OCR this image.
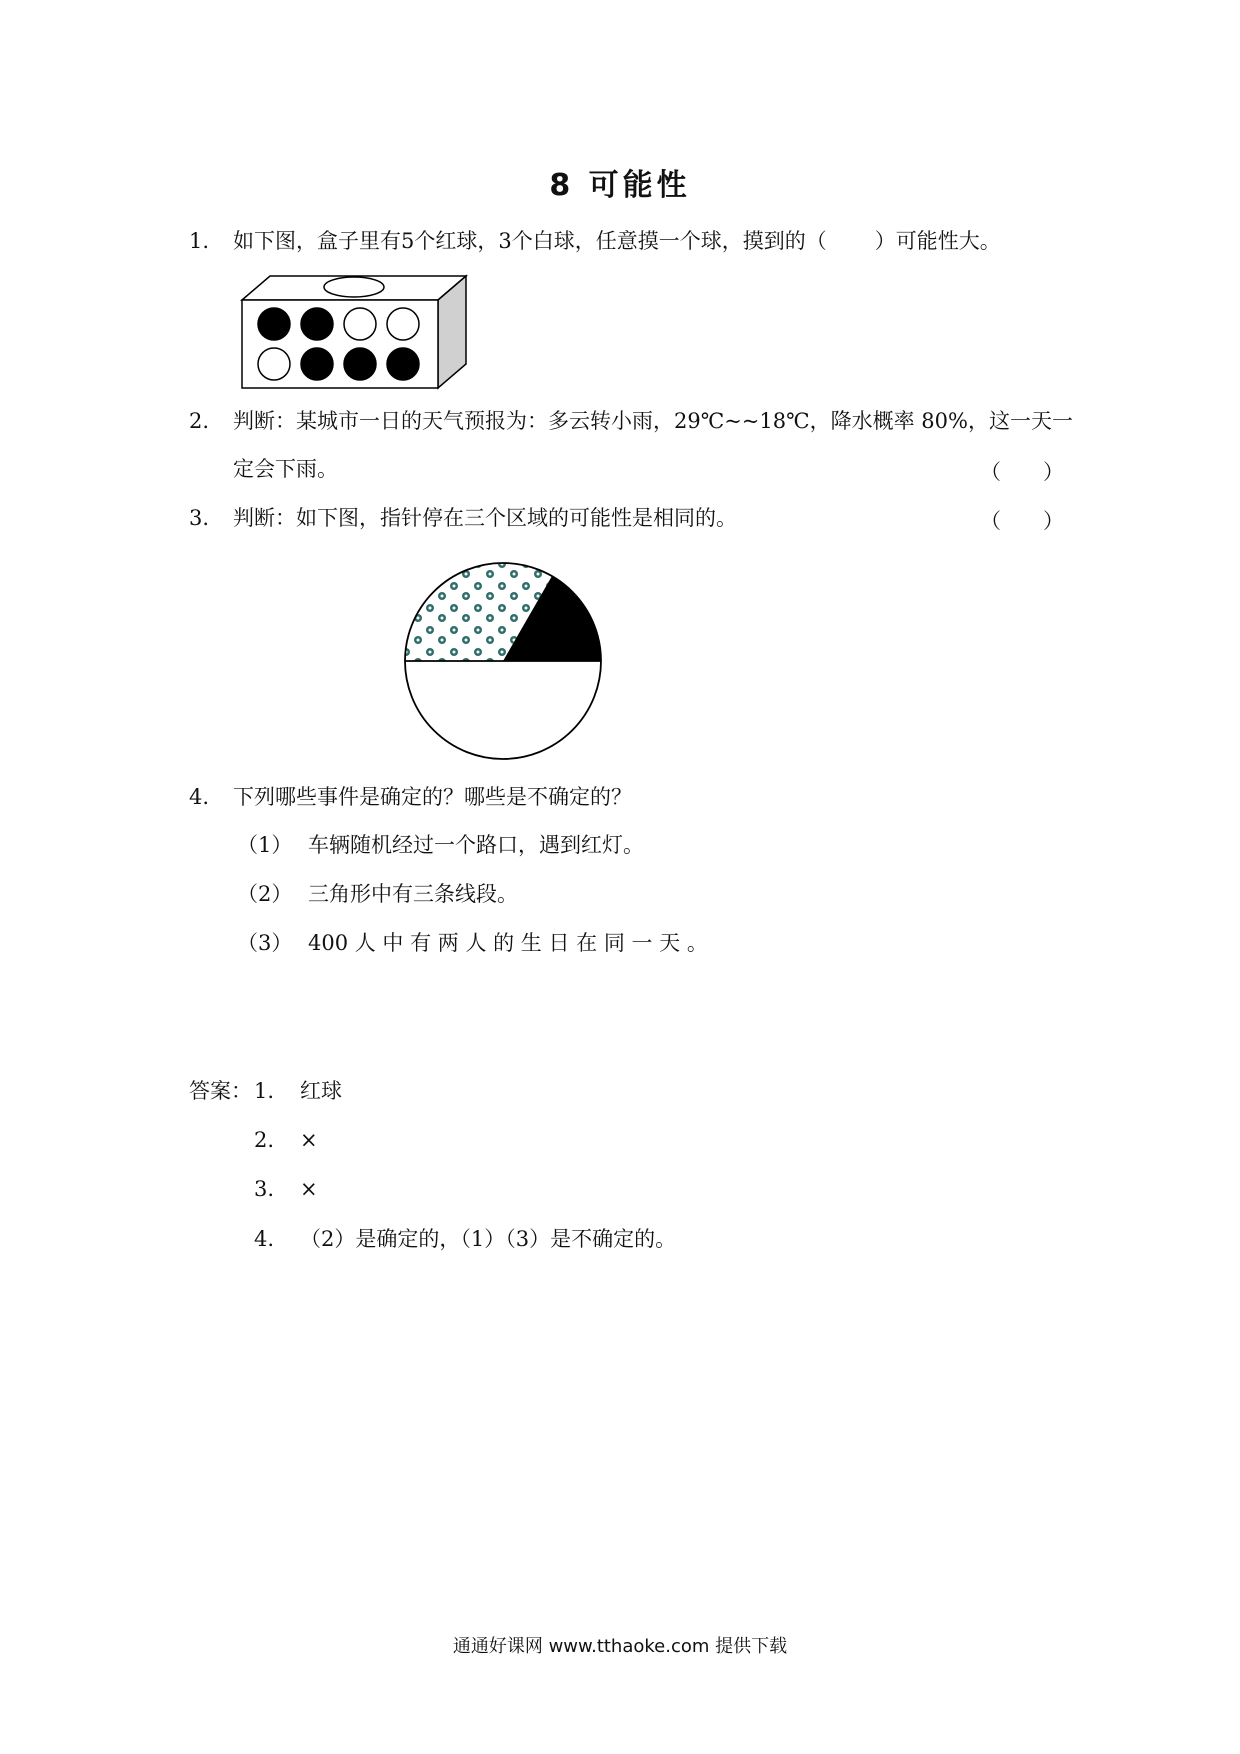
8 可能性
1. 如下图，盒子里有5个红球，3个白球，任意摸一个球，摸到的（ ）可能性大。
2. 判断：某城市一日的天气预报为：多云转小雨，29℃~~18℃，降水概率 80%，这一天一
定会下雨。	（　　）
3. 判断：如下图，指针停在三个区域的可能性是相同的。	（　　）
4. 下列哪些事件是确定的？哪些是不确定的？
（1） 车辆随机经过一个路口，遇到红灯。
（2） 三角形中有三条线段。
（3） 400 人 中 有 两 人 的 生 日 在 同 一 天 。
答案： 1. 红球
2. ×
3. ×
4. （2）是确定的，（1）（3）是不确定的。
通通好课网 www.tthaoke.com 提供下载
